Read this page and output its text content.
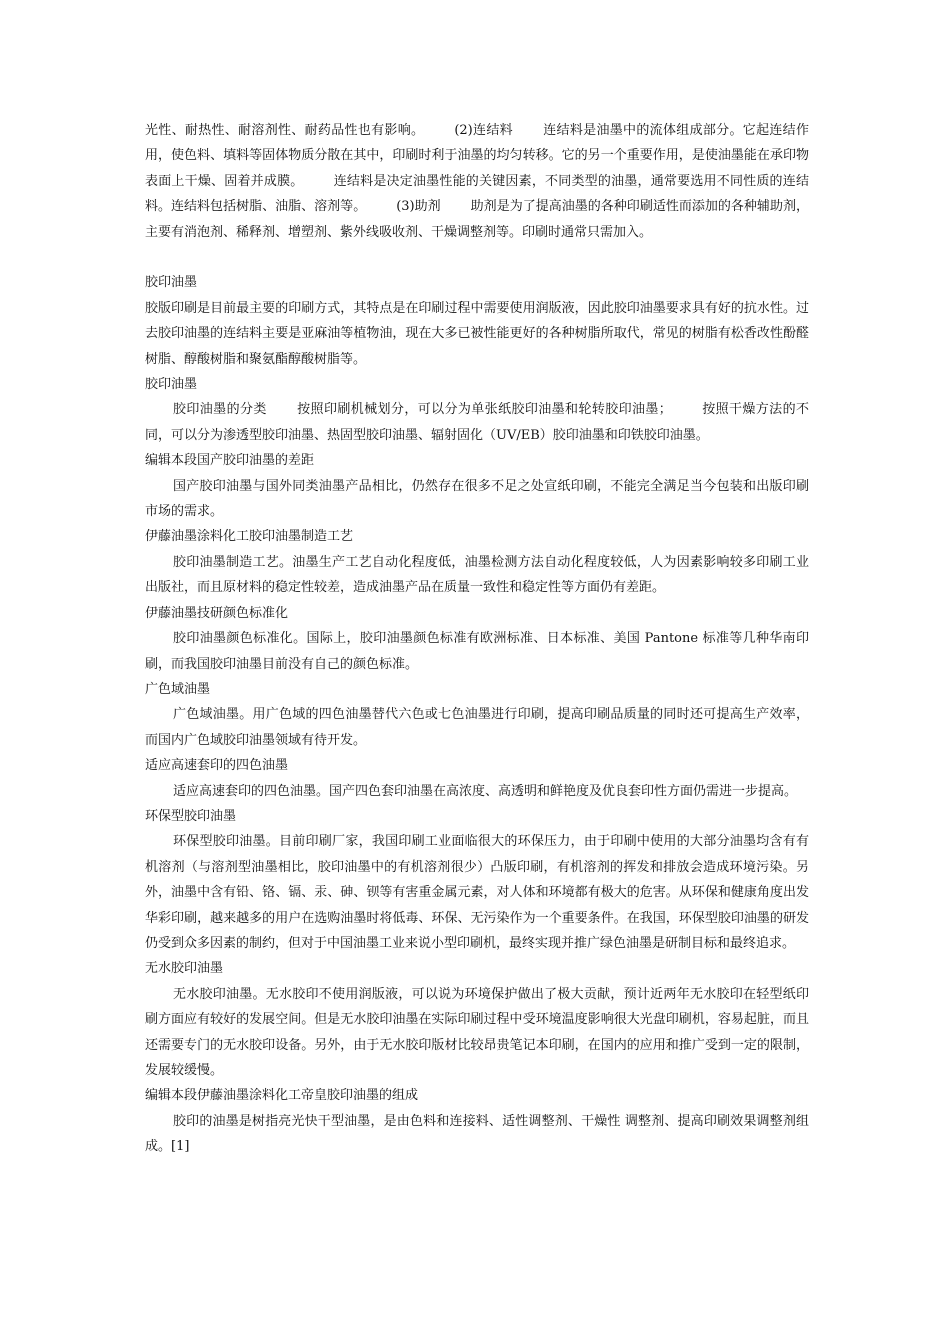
光性、耐热性、耐溶剂性、耐药品性也有影响。 (2)连结料 连结料是油墨中的流体组成部分。它起连结作用，使色料、填料等固体物质分散在其中，印刷时利于油墨的均匀转移。它的另一个重要作用，是使油墨能在承印物表面上干燥、固着并成膜。 连结料是决定油墨性能的关键因素，不同类型的油墨，通常要选用不同性质的连结料。连结料包括树脂、油脂、溶剂等。 (3)助剂 助剂是为了提高油墨的各种印刷适性而添加的各种辅助剂，主要有消泡剂、稀释剂、增塑剂、紫外线吸收剂、干燥调整剂等。印刷时通常只需加入。

胶印油墨

胶版印刷是目前最主要的印刷方式，其特点是在印刷过程中需要使用润版液，因此胶印油墨要求具有好的抗水性。过去胶印油墨的连结料主要是亚麻油等植物油，现在大多已被性能更好的各种树脂所取代，常见的树脂有松香改性酚醛树脂、醇酸树脂和聚氨酯醇酸树脂等。

胶印油墨

胶印油墨的分类 按照印刷机械划分，可以分为单张纸胶印油墨和轮转胶印油墨； 按照干燥方法的不同，可以分为渗透型胶印油墨、热固型胶印油墨、辐射固化（UV/EB）胶印油墨和印铁胶印油墨。

编辑本段国产胶印油墨的差距

国产胶印油墨与国外同类油墨产品相比，仍然存在很多不足之处宣纸印刷，不能完全满足当今包装和出版印刷市场的需求。

伊藤油墨涂料化工胶印油墨制造工艺

胶印油墨制造工艺。油墨生产工艺自动化程度低，油墨检测方法自动化程度较低，人为因素影响较多印刷工业出版社，而且原材料的稳定性较差，造成油墨产品在质量一致性和稳定性等方面仍有差距。

伊藤油墨技研颜色标准化

胶印油墨颜色标准化。国际上，胶印油墨颜色标准有欧洲标准、日本标准、美国 Pantone 标准等几种华南印刷，而我国胶印油墨目前没有自己的颜色标准。

广色域油墨

广色域油墨。用广色域的四色油墨替代六色或七色油墨进行印刷，提高印刷品质量的同时还可提高生产效率，而国内广色域胶印油墨领域有待开发。

适应高速套印的四色油墨

适应高速套印的四色油墨。国产四色套印油墨在高浓度、高透明和鲜艳度及优良套印性方面仍需进一步提高。

环保型胶印油墨

环保型胶印油墨。目前印刷厂家，我国印刷工业面临很大的环保压力，由于印刷中使用的大部分油墨均含有有机溶剂（与溶剂型油墨相比，胶印油墨中的有机溶剂很少）凸版印刷，有机溶剂的挥发和排放会造成环境污染。另外，油墨中含有铅、铬、镉、汞、砷、钡等有害重金属元素，对人体和环境都有极大的危害。从环保和健康角度出发华彩印刷，越来越多的用户在选购油墨时将低毒、环保、无污染作为一个重要条件。在我国，环保型胶印油墨的研发仍受到众多因素的制约，但对于中国油墨工业来说小型印刷机，最终实现并推广绿色油墨是研制目标和最终追求。

无水胶印油墨

无水胶印油墨。无水胶印不使用润版液，可以说为环境保护做出了极大贡献，预计近两年无水胶印在轻型纸印刷方面应有较好的发展空间。但是无水胶印油墨在实际印刷过程中受环境温度影响很大光盘印刷机，容易起脏，而且还需要专门的无水胶印设备。另外，由于无水胶印版材比较昂贵笔记本印刷，在国内的应用和推广受到一定的限制，发展较缓慢。

编辑本段伊藤油墨涂料化工帝皇胶印油墨的组成

胶印的油墨是树指亮光快干型油墨，是由色料和连接料、适性调整剂、干燥性 调整剂、提高印刷效果调整剂组成。[1]
